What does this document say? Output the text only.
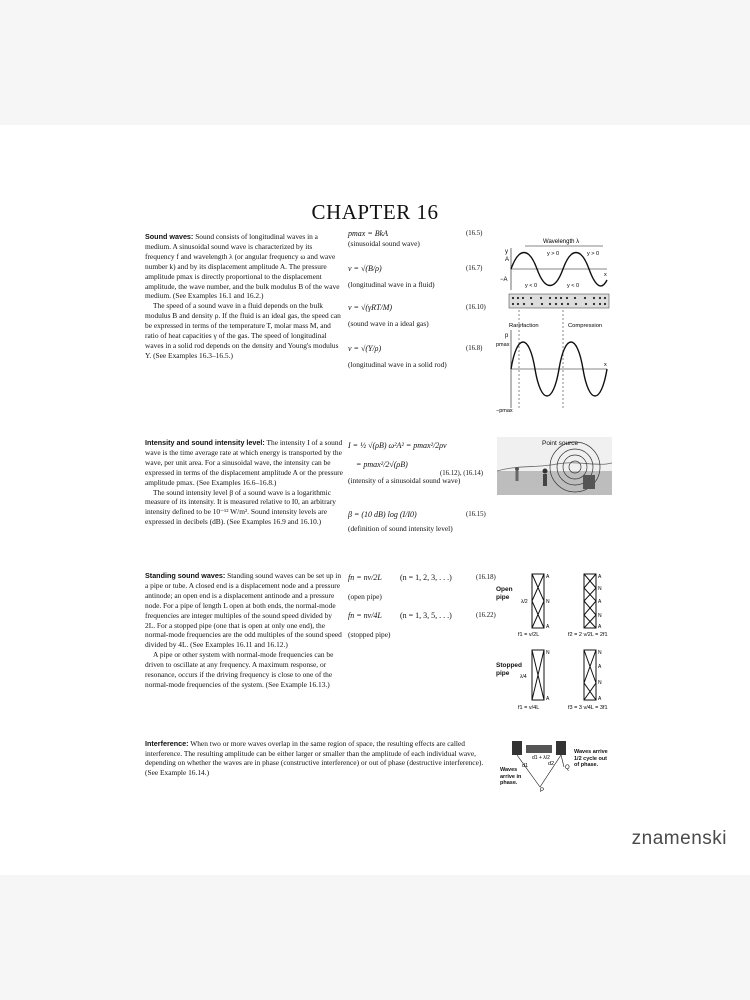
CHAPTER 16

Sound waves: Sound consists of longitudinal waves in a medium. A sinusoidal sound wave is characterized by its frequency f and wavelength λ (or angular frequency ω and wave number k) and by its displacement amplitude A. The pressure amplitude pmax is directly proportional to the displacement amplitude, the wave number, and the bulk modulus B of the wave medium. (See Examples 16.1 and 16.2.)

The speed of a sound wave in a fluid depends on the bulk modulus B and density ρ. If the fluid is an ideal gas, the speed can be expressed in terms of the temperature T, molar mass M, and ratio of heat capacities γ of the gas. The speed of longitudinal waves in a solid rod depends on the density and Young's modulus Y. (See Examples 16.3–16.5.)

pmax = BkA	(16.5)
(sinusoidal sound wave)
v = √(B/ρ)	(16.7)
(longitudinal wave in a fluid)
v = √(γRT/M)	(16.10)
(sound wave in a ideal gas)
v = √(Y/ρ)	(16.8)
(longitudinal wave in a solid rod)
Wavelength λ
y > 0	y > 0
y
A
−A
x
y < 0	y < 0
Rarefaction	Compression
p
pmax
x
−pmax

Intensity and sound intensity level: The intensity I of a sound wave is the time average rate at which energy is transported by the wave, per unit area. For a sinusoidal wave, the intensity can be expressed in terms of the displacement amplitude A or the pressure amplitude pmax. (See Examples 16.6–16.8.)

The sound intensity level β of a sound wave is a logarithmic measure of its intensity. It is measured relative to I0, an arbitrary intensity defined to be 10⁻¹² W/m². Sound intensity levels are expressed in decibels (dB). (See Examples 16.9 and 16.10.)

I = ½ √(ρB) ω²A² = pmax²/2ρv
= pmax²/2√(ρB)
(16.12), (16.14)
(intensity of a sinusoidal sound wave)
β = (10 dB) log (I/I0)	(16.15)
(definition of sound intensity level)
Point source

Standing sound waves: Standing sound waves can be set up in a pipe or tube. A closed end is a displacement node and a pressure antinode; an open end is a displacement antinode and a pressure node. For a pipe of length L open at both ends, the normal-mode frequencies are integer multiples of the sound speed divided by 2L. For a stopped pipe (one that is open at only one end), the normal-mode frequencies are the odd multiples of the sound speed divided by 4L. (See Examples 16.11 and 16.12.)

A pipe or other system with normal-mode frequencies can be driven to oscillate at any frequency. A maximum response, or resonance, occurs if the driving frequency is close to one of the normal-mode frequencies of the system. (See Example 16.13.)

fn = nv/2L (n = 1, 2, 3, . . .)	(16.18)
(open pipe)
fn = nv/4L (n = 1, 3, 5, . . .)	(16.22)
(stopped pipe)
Open pipe
Stopped pipe
A
N
A
λ/2
A
N
A
N
A
f1 = v/2L	f2 = 2 v/2L = 2f1
N
A
λ/4
N
A
N
A
f1 = v/4L	f3 = 3 v/4L = 3f1
Interference: When two or more waves overlap in the same region of space, the resulting effects are called interference. The resulting amplitude can be either larger or smaller than the amplitude of each individual wave, depending on whether the waves are in phase (constructive interference) or out of phase (destructive interference). (See Example 16.14.)
d1	d2
d1 + λ/2
Q
P
Waves arrive 1/2 cycle out of phase.
Waves arrive in phase.
znamenski
